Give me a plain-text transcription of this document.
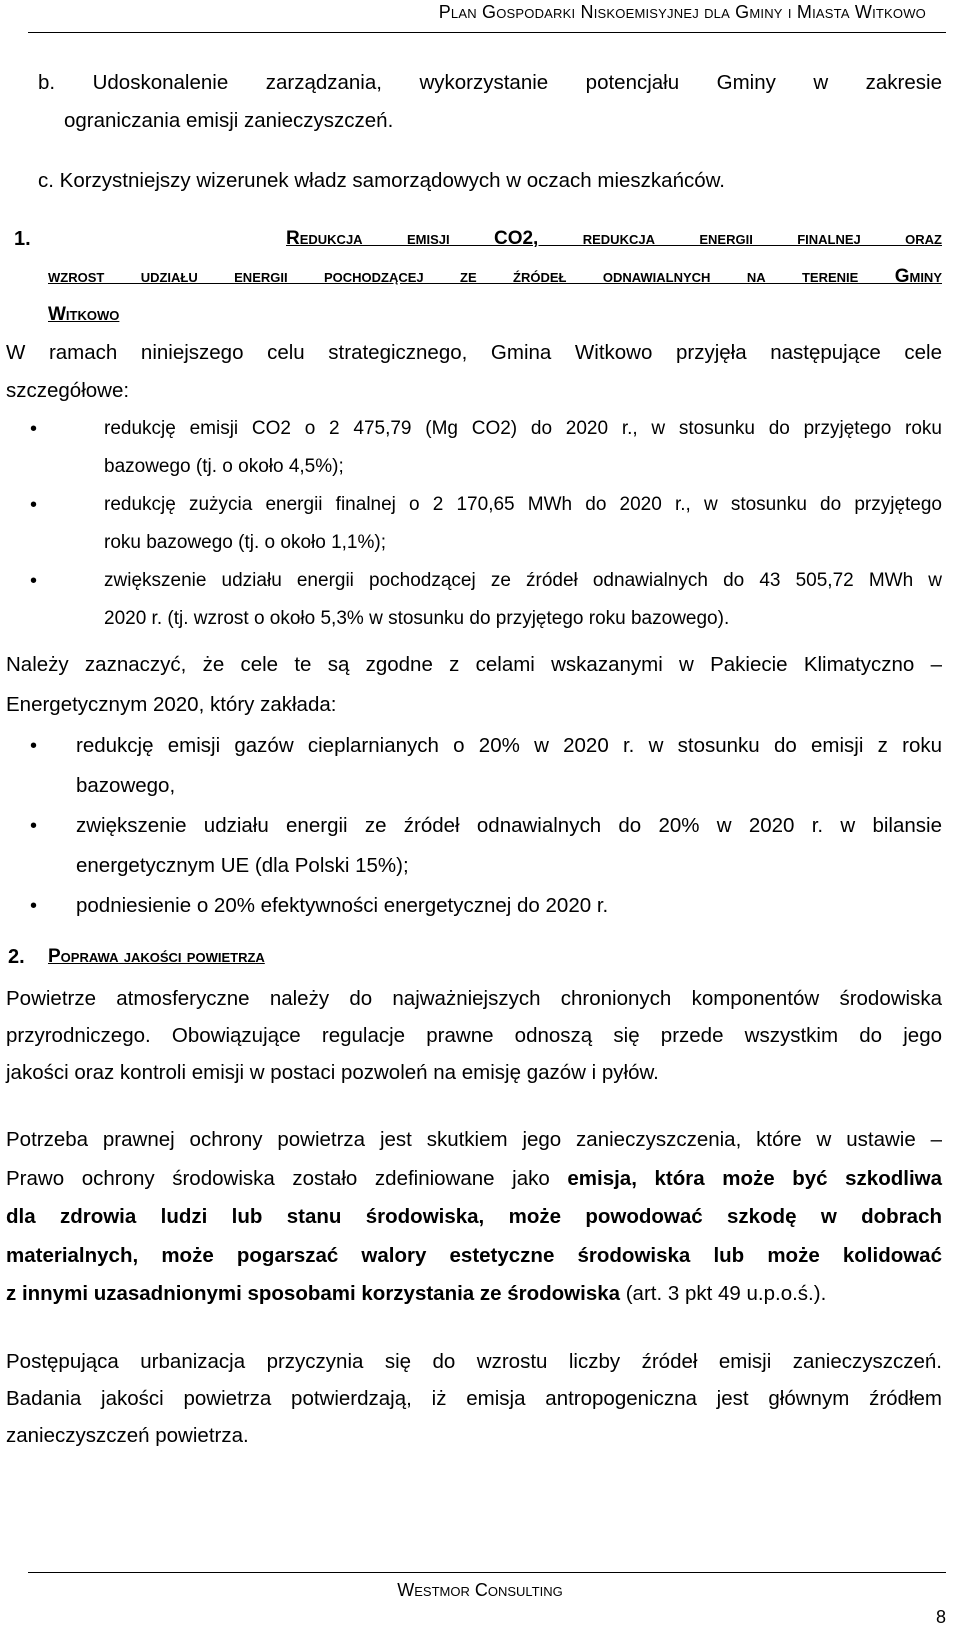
Plan Gospodarki Niskoemisyjnej dla Gminy i Miasta Witkowo
b. Udoskonalenie zarządzania, wykorzystanie potencjału Gminy w zakresie
ograniczania emisji zanieczyszczeń.
c. Korzystniejszy wizerunek władz samorządowych w oczach mieszkańców.
1.	Redukcja emisji CO2, redukcja energii finalnej oraz
wzrost udziału energii pochodzącej ze źródeł odnawialnych na terenie Gminy
Witkowo
W ramach niniejszego celu strategicznego, Gmina Witkowo przyjęła następujące cele
szczegółowe:
•	redukcję emisji CO2 o 2 475,79 (Mg CO2) do 2020 r., w stosunku do przyjętego roku
bazowego (tj. o około 4,5%);
•	redukcję zużycia energii finalnej o 2 170,65 MWh do 2020 r., w stosunku do przyjętego
roku bazowego (tj. o około 1,1%);
•	zwiększenie udziału energii pochodzącej ze źródeł odnawialnych do 43 505,72 MWh w
2020 r. (tj. wzrost o około 5,3% w stosunku do przyjętego roku bazowego).
Należy zaznaczyć, że cele te są zgodne z celami wskazanymi w Pakiecie Klimatyczno –
Energetycznym 2020, który zakłada:
• redukcję emisji gazów cieplarnianych o 20% w 2020 r. w stosunku do emisji z roku
bazowego,
• zwiększenie udziału energii ze źródeł odnawialnych do 20% w 2020 r. w bilansie
energetycznym UE (dla Polski 15%);
• podniesienie o 20% efektywności energetycznej do 2020 r.
2. Poprawa jakości powietrza
Powietrze atmosferyczne należy do najważniejszych chronionych komponentów środowiska
przyrodniczego. Obowiązujące regulacje prawne odnoszą się przede wszystkim do jego
jakości oraz kontroli emisji w postaci pozwoleń na emisję gazów i pyłów.
Potrzeba prawnej ochrony powietrza jest skutkiem jego zanieczyszczenia, które w ustawie –
Prawo ochrony środowiska zostało zdefiniowane jako emisja, która może być szkodliwa
dla zdrowia ludzi lub stanu środowiska, może powodować szkodę w dobrach
materialnych, może pogarszać walory estetyczne środowiska lub może kolidować
z innymi uzasadnionymi sposobami korzystania ze środowiska (art. 3 pkt 49 u.p.o.ś.).
Postępująca urbanizacja przyczynia się do wzrostu liczby źródeł emisji zanieczyszczeń.
Badania jakości powietrza potwierdzają, iż emisja antropogeniczna jest głównym źródłem
zanieczyszczeń powietrza.
Westmor Consulting
8
